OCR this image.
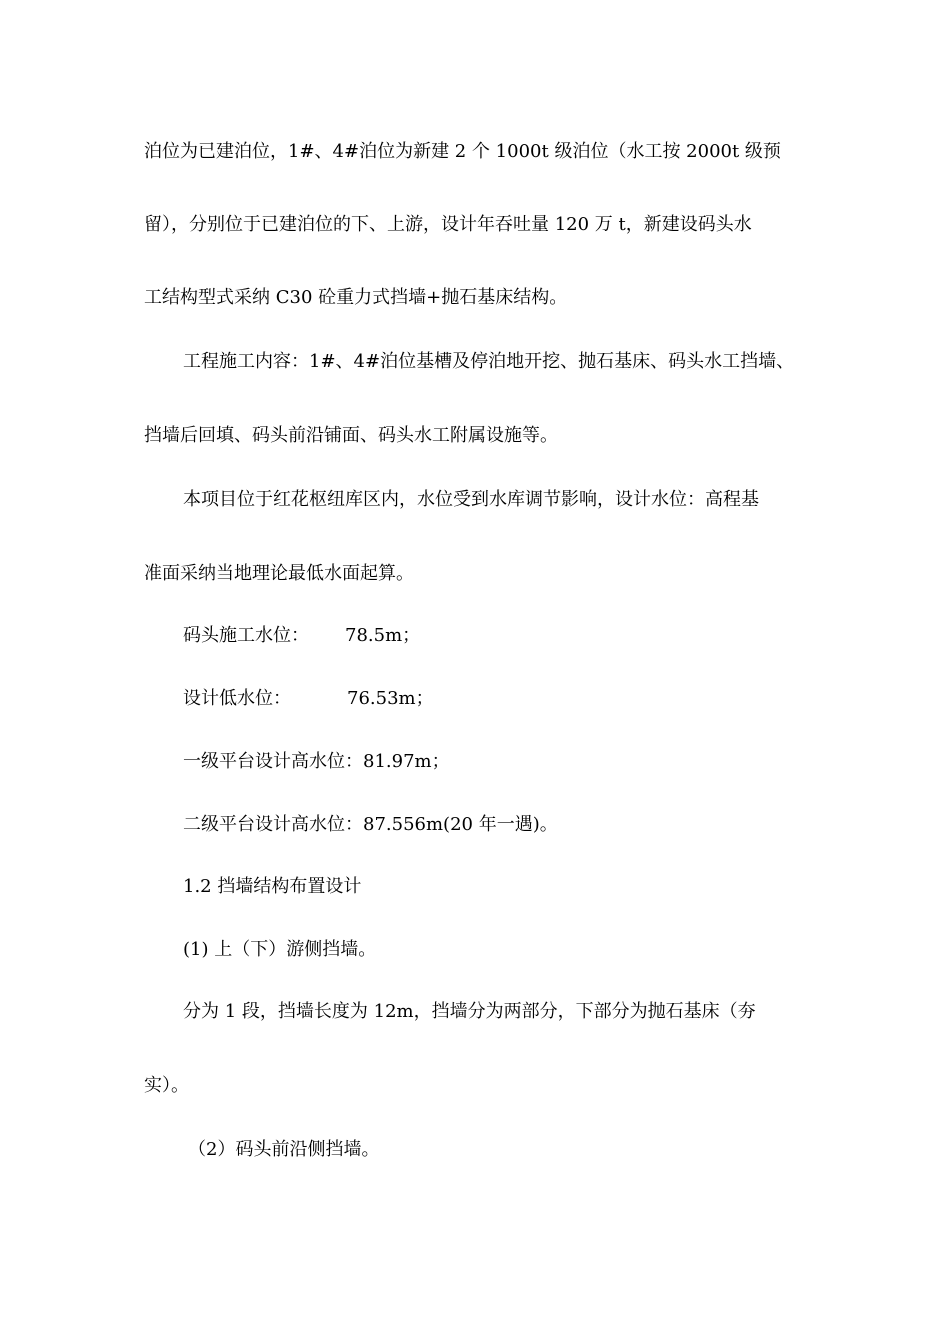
泊位为已建泊位，1#、4#泊位为新建 2 个 1000t 级泊位（水工按 2000t 级预
留），分别位于已建泊位的下、上游，设计年吞吐量 120 万 t，新建设码头水
工结构型式采纳 C30 砼重力式挡墙+抛石基床结构。
工程施工内容：1#、4#泊位基槽及停泊地开挖、抛石基床、码头水工挡墙、
挡墙后回填、码头前沿铺面、码头水工附属设施等。
本项目位于红花枢纽库区内，水位受到水库调节影响，设计水位：高程基
准面采纳当地理论最低水面起算。
码头施工水位： 78.5m；
设计低水位：	76.53m；
一级平台设计高水位：81.97m；
二级平台设计高水位：87.556m(20 年一遇)。
1.2 挡墙结构布置设计
(1) 上（下）游侧挡墙。
分为 1 段，挡墙长度为 12m，挡墙分为两部分，下部分为抛石基床（夯
实）。
（2）码头前沿侧挡墙。
